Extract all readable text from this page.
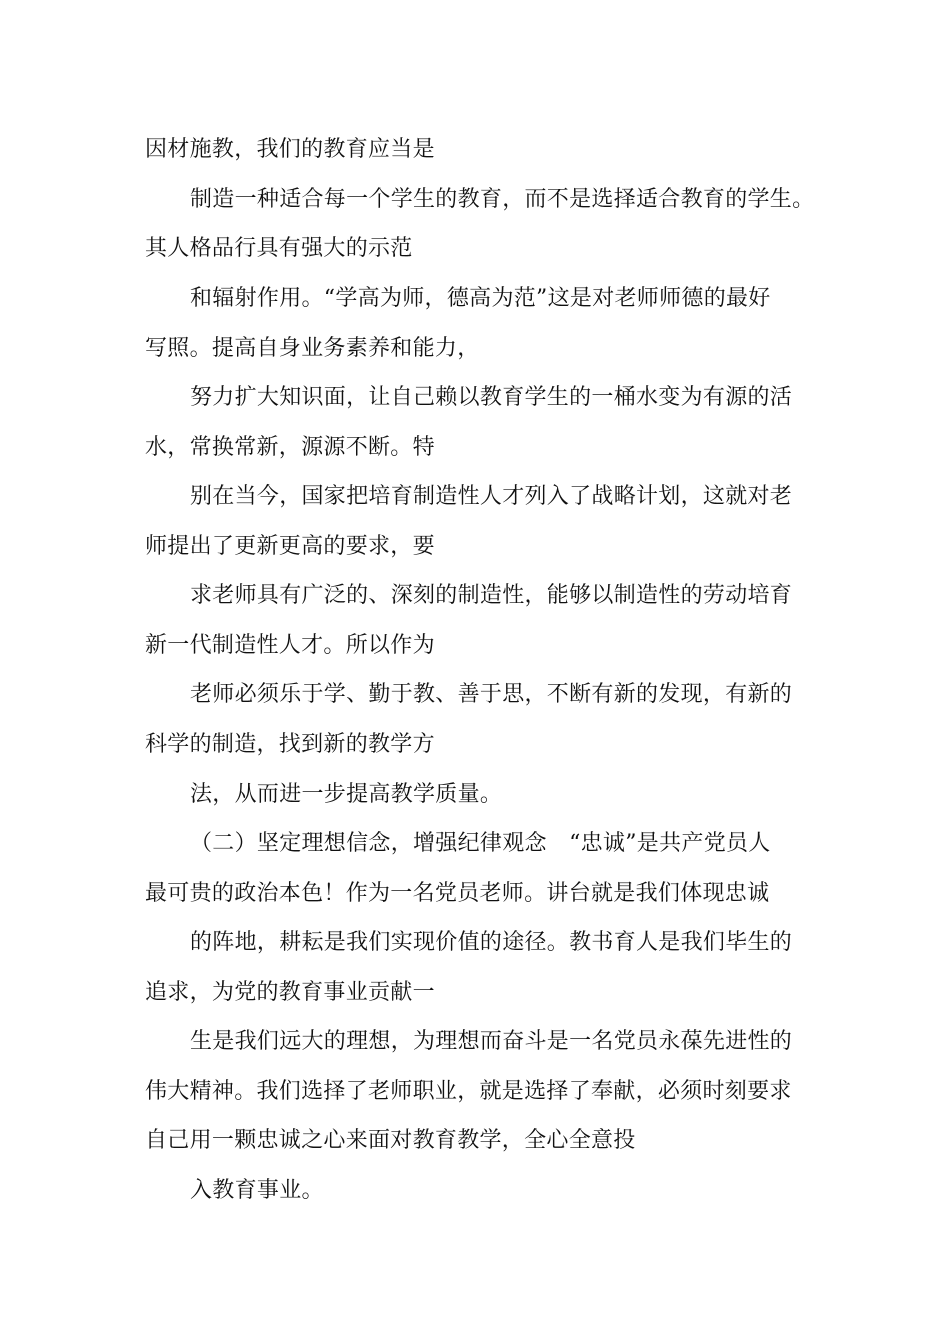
因材施教，我们的教育应当是
制造一种适合每一个学生的教育，而不是选择适合教育的学生。
其人格品行具有强大的示范
和辐射作用。“学高为师，德高为范”这是对老师师德的最好
写照。提高自身业务素养和能力，
努力扩大知识面，让自己赖以教育学生的一桶水变为有源的活
水，常换常新，源源不断。特
别在当今，国家把培育制造性人才列入了战略计划，这就对老
师提出了更新更高的要求，要
求老师具有广泛的、深刻的制造性，能够以制造性的劳动培育
新一代制造性人才。所以作为
老师必须乐于学、勤于教、善于思，不断有新的发现，有新的
科学的制造，找到新的教学方
法，从而进一步提高教学质量。
（二）坚定理想信念，增强纪律观念　“忠诚”是共产党员人
最可贵的政治本色！作为一名党员老师。讲台就是我们体现忠诚
的阵地，耕耘是我们实现价值的途径。教书育人是我们毕生的
追求，为党的教育事业贡献一
生是我们远大的理想，为理想而奋斗是一名党员永葆先进性的
伟大精神。我们选择了老师职业，就是选择了奉献，必须时刻要求
自己用一颗忠诚之心来面对教育教学，全心全意投
入教育事业。
